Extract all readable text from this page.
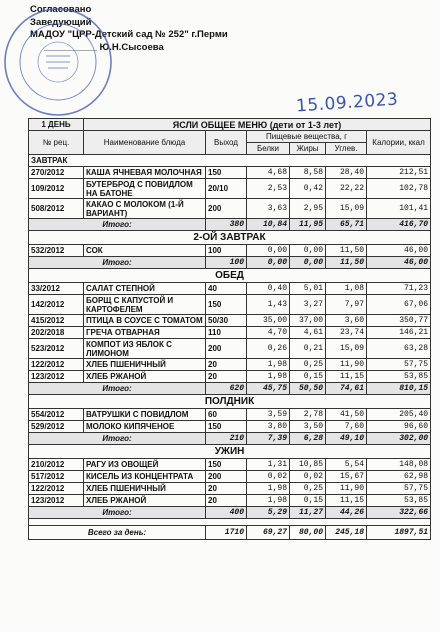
Согласовано
Заведующий
МАДОУ "ЦРР-Детский сад № 252" г.Перми
__________ Ю.Н.Сысоева
15.09.2023
1 ДЕНЬ	ЯСЛИ ОБЩЕЕ МЕНЮ (дети от 1-3 лет)					
№ рец.	Наименование блюда	Выход	Пищевые вещества, г			Калории, ккал
			Белки	Жиры	Углев.	
ЗАВТРАК						
270/2012	КАША ЯЧНЕВАЯ МОЛОЧНАЯ	150	4,68	8,58	28,40	212,51
109/2012	БУТЕРБРОД С ПОВИДЛОМ НА БАТОНЕ	20/10	2,53	0,42	22,22	102,78
508/2012	КАКАО С МОЛОКОМ (1-Й ВАРИАНТ)	200	3,63	2,95	15,09	101,41
Итого:		380	10,84	11,95	65,71	416,70
2-ОЙ ЗАВТРАК						
532/2012	СОК	100	0,00	0,00	11,50	46,00
Итого:		100	0,00	0,00	11,50	46,00
ОБЕД						
33/2012	САЛАТ СТЕПНОЙ	40	0,40	5,01	1,08	71,23
142/2012	БОРЩ С КАПУСТОЙ И КАРТОФЕЛЕМ	150	1,43	3,27	7,97	67,06
415/2012	ПТИЦА В СОУСЕ С ТОМАТОМ	50/30	35,00	37,00	3,60	350,77
202/2018	ГРЕЧА ОТВАРНАЯ	110	4,70	4,61	23,74	146,21
523/2012	КОМПОТ ИЗ ЯБЛОК С ЛИМОНОМ	200	0,26	0,21	15,09	63,28
122/2012	ХЛЕБ ПШЕНИЧНЫЙ	20	1,98	0,25	11,90	57,75
123/2012	ХЛЕБ РЖАНОЙ	20	1,98	0,15	11,15	53,85
Итого:		620	45,75	50,50	74,61	810,15
ПОЛДНИК						
554/2012	ВАТРУШКИ С ПОВИДЛОМ	60	3,59	2,78	41,50	205,40
529/2012	МОЛОКО КИПЯЧЕНОЕ	150	3,80	3,50	7,60	96,60
Итого:		210	7,39	6,28	49,10	302,00
УЖИН						
210/2012	РАГУ ИЗ ОВОЩЕЙ	150	1,31	10,85	5,54	148,08
517/2012	КИСЕЛЬ ИЗ КОНЦЕНТРАТА	200	0,02	0,02	15,67	62,98
122/2012	ХЛЕБ ПШЕНИЧНЫЙ	20	1,98	0,25	11,90	57,75
123/2012	ХЛЕБ РЖАНОЙ	20	1,98	0,15	11,15	53,85
Итого:		400	5,29	11,27	44,26	322,66

Всего за день:		1710	69,27	80,00	245,18	1897,51
